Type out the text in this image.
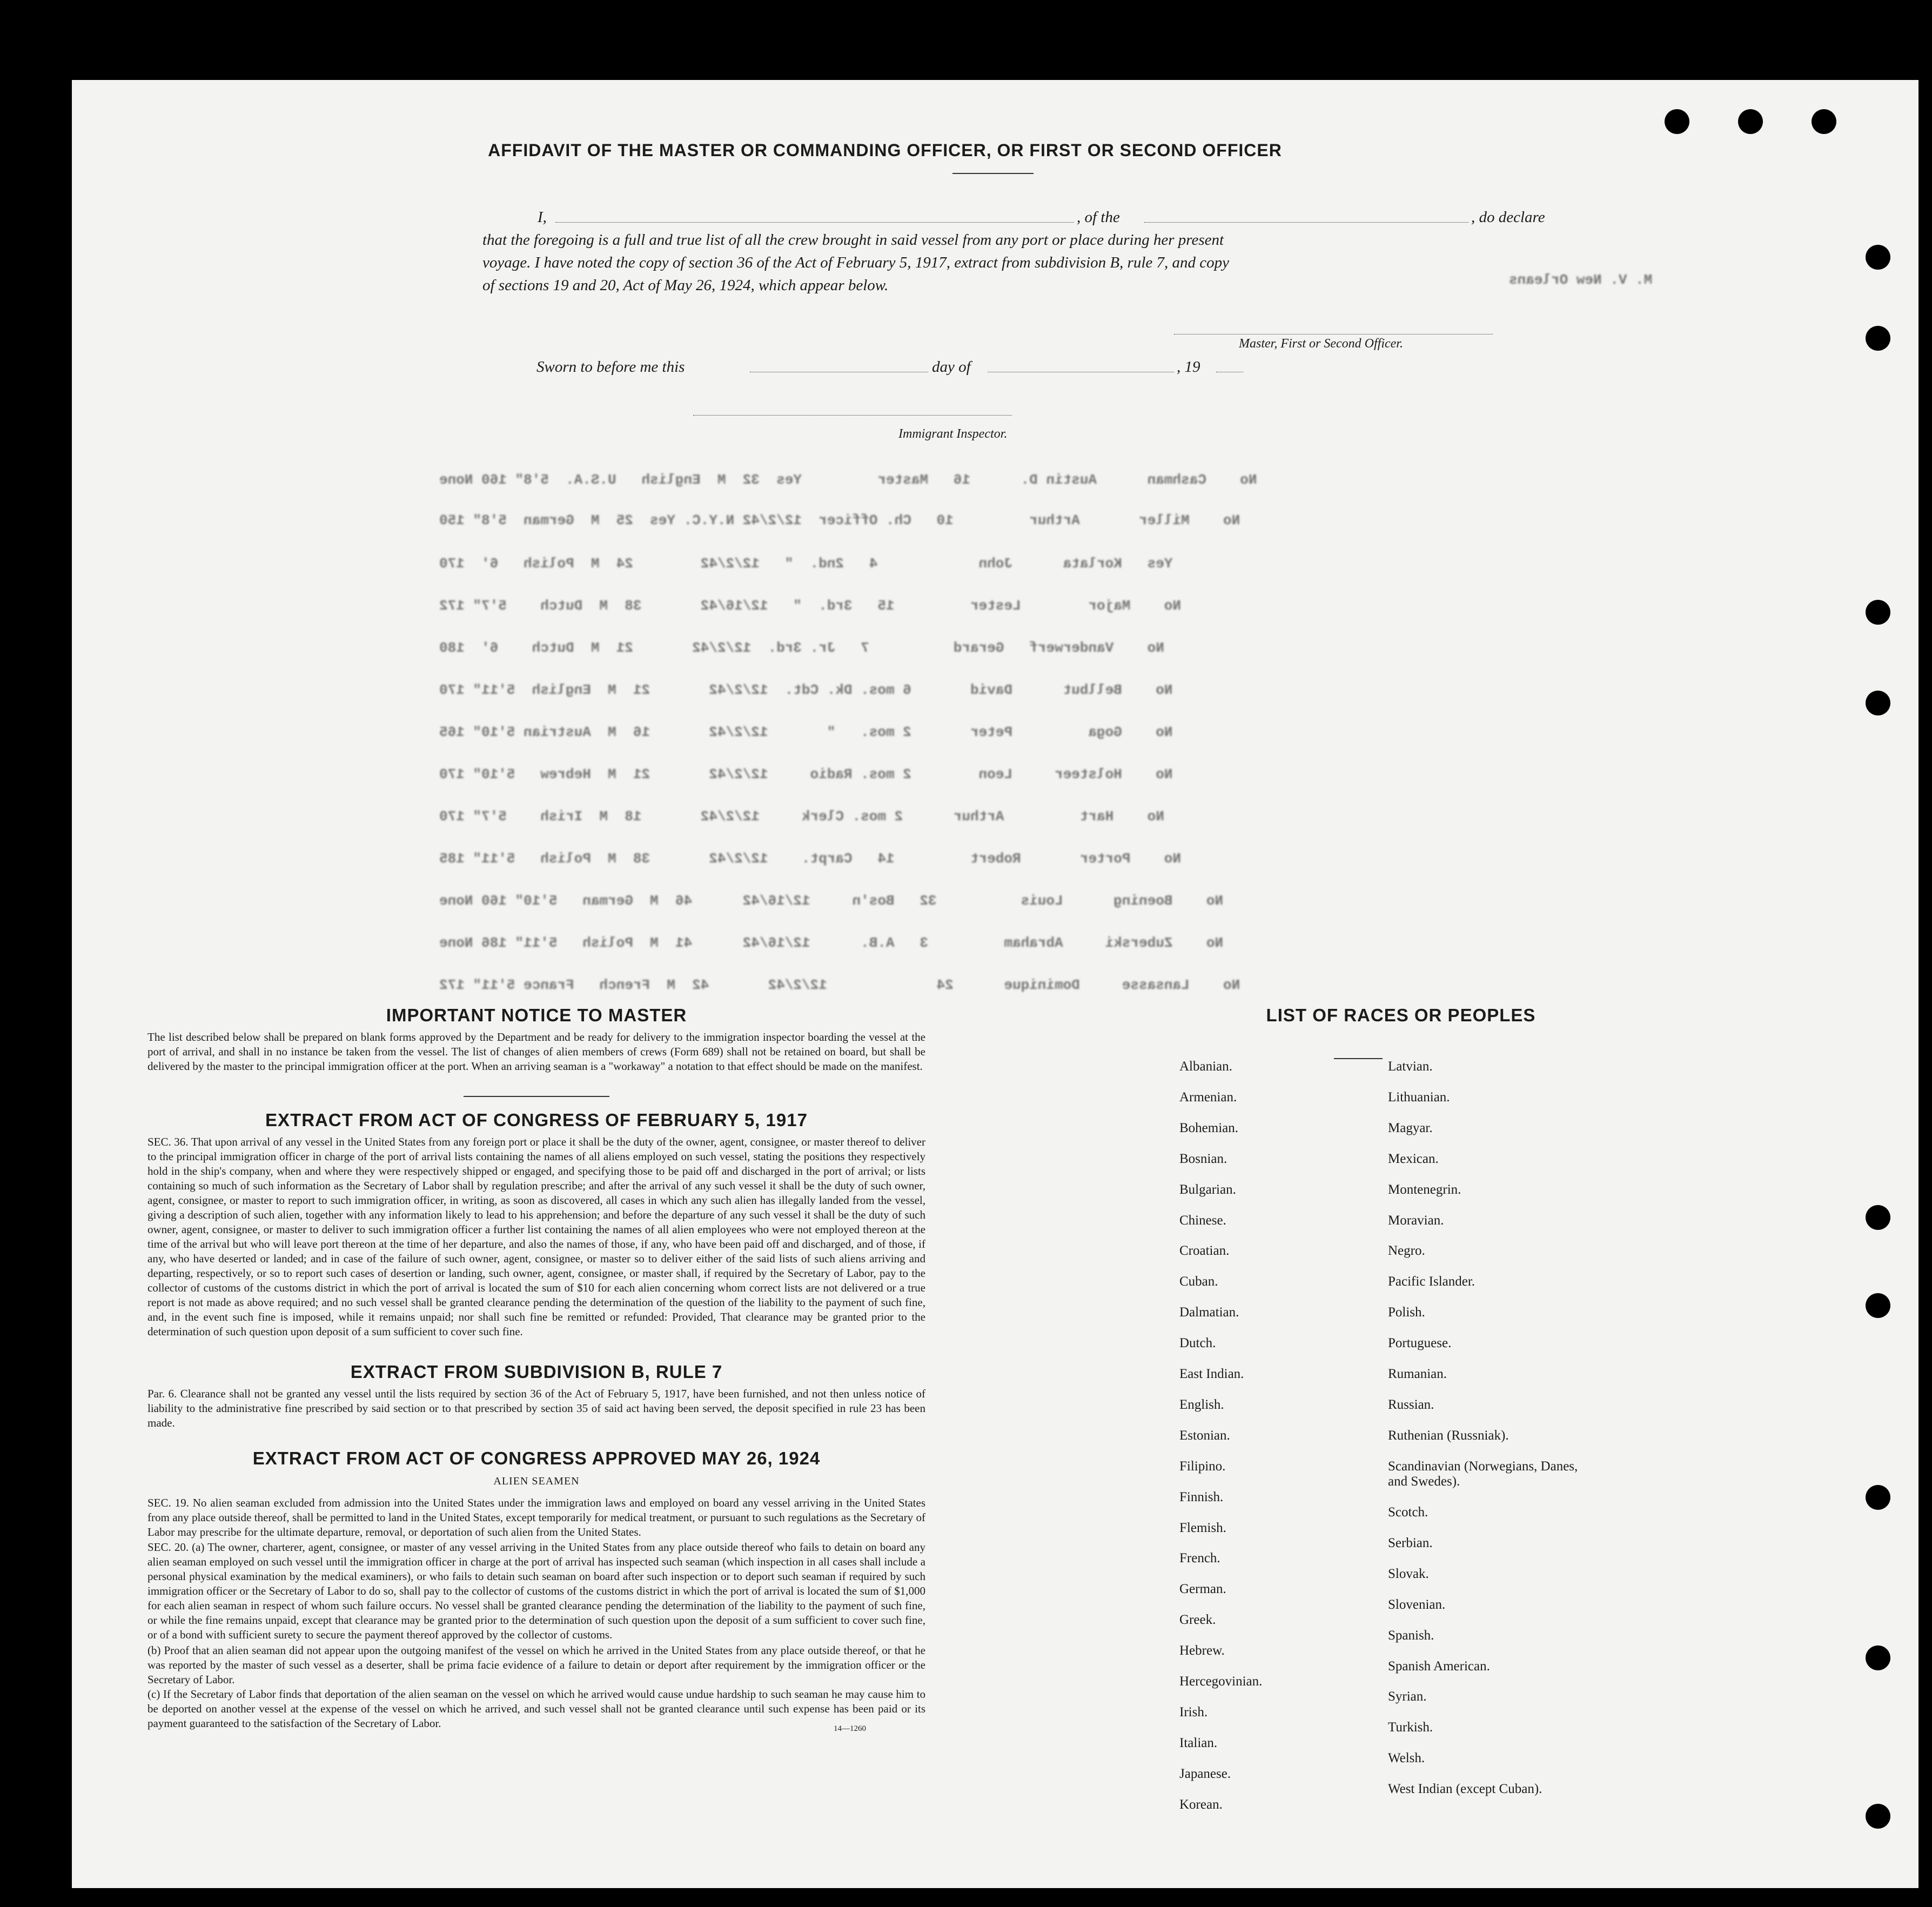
M. V. New Orleans
No    Cashman      Austin D.      16   Master         Yes  32  M  English   U.S.A.  5'8" 160 None
No    Miller       Arthur         10   Ch. Officer  12/2/42 N.Y.C. Yes  25  M  German  5'8" 150
Yes   Korlata      John            4   2nd.  "   12/2/42        24  M  Polish   6'  170
No    Major        Lester         15   3rd.  "   12/16/42       38  M  Dutch    5'7" 172
No    Vanderwerf   Gerard          7   Jr. 3rd.  12/2/42       21  M  Dutch    6'  180
No    Bellbut      David       6 mos. Dk. Cdt.  12/2/42       21  M  English  5'11" 170
No    Goga         Peter       2 mos.   "       12/2/42       16  M  Austrian 5'10" 165
No    Holsteer     Leon        2 mos. Radio     12/2/42       21  M  Hebrew   5'10" 170
No    Hart         Arthur      2 mos. Clerk     12/2/42       18  M  Irish    5'7" 170
No    Porter       Robert         14   Carpt.    12/2/42       38  M  Polish   5'11" 185
No    Boening      Louis          32   Bos'n     12/16/42      46  M  German   5'10" 160 None
No    Zuberski     Abraham         3   A.B.      12/16/42      41  M  Polish   5'11" 186 None
No    Lansasse     Dominique      24             12/2/42       42  M  French   France 5'11" 172
AFFIDAVIT OF THE MASTER OR COMMANDING OFFICER, OR FIRST OR SECOND OFFICER
I,	, of the	, do declare
that the foregoing is a full and true list of all the crew brought in said vessel from any port or place during her present
voyage. I have noted the copy of section 36 of the Act of February 5, 1917, extract from subdivision B, rule 7, and copy
of sections 19 and 20, Act of May 26, 1924, which appear below.
Master, First or Second Officer.
Sworn to before me this	day of	, 19
Immigrant Inspector.
IMPORTANT NOTICE TO MASTER
The list described below shall be prepared on blank forms approved by the Department and be ready for delivery to the immigration inspector boarding the vessel at the port of arrival, and shall in no instance be taken from the vessel. The list of changes of alien members of crews (Form 689) shall not be retained on board, but shall be delivered by the master to the principal immigration officer at the port. When an arriving seaman is a "workaway" a notation to that effect should be made on the manifest.
EXTRACT FROM ACT OF CONGRESS OF FEBRUARY 5, 1917
SEC. 36. That upon arrival of any vessel in the United States from any foreign port or place it shall be the duty of the owner, agent, consignee, or master thereof to deliver to the principal immigration officer in charge of the port of arrival lists containing the names of all aliens employed on such vessel, stating the positions they respectively hold in the ship's company, when and where they were respectively shipped or engaged, and specifying those to be paid off and discharged in the port of arrival; or lists containing so much of such information as the Secretary of Labor shall by regulation prescribe; and after the arrival of any such vessel it shall be the duty of such owner, agent, consignee, or master to report to such immigration officer, in writing, as soon as discovered, all cases in which any such alien has illegally landed from the vessel, giving a description of such alien, together with any information likely to lead to his apprehension; and before the departure of any such vessel it shall be the duty of such owner, agent, consignee, or master to deliver to such immigration officer a further list containing the names of all alien employees who were not employed thereon at the time of the arrival but who will leave port thereon at the time of her departure, and also the names of those, if any, who have been paid off and discharged, and of those, if any, who have deserted or landed; and in case of the failure of such owner, agent, consignee, or master so to deliver either of the said lists of such aliens arriving and departing, respectively, or so to report such cases of desertion or landing, such owner, agent, consignee, or master shall, if required by the Secretary of Labor, pay to the collector of customs of the customs district in which the port of arrival is located the sum of $10 for each alien concerning whom correct lists are not delivered or a true report is not made as above required; and no such vessel shall be granted clearance pending the determination of the question of the liability to the payment of such fine, and, in the event such fine is imposed, while it remains unpaid; nor shall such fine be remitted or refunded: Provided, That clearance may be granted prior to the determination of such question upon deposit of a sum sufficient to cover such fine.
EXTRACT FROM SUBDIVISION B, RULE 7
Par. 6. Clearance shall not be granted any vessel until the lists required by section 36 of the Act of February 5, 1917, have been furnished, and not then unless notice of liability to the administrative fine prescribed by said section or to that prescribed by section 35 of said act having been served, the deposit specified in rule 23 has been made.
EXTRACT FROM ACT OF CONGRESS APPROVED MAY 26, 1924
ALIEN SEAMEN
SEC. 19. No alien seaman excluded from admission into the United States under the immigration laws and employed on board any vessel arriving in the United States from any place outside thereof, shall be permitted to land in the United States, except temporarily for medical treatment, or pursuant to such regulations as the Secretary of Labor may prescribe for the ultimate departure, removal, or deportation of such alien from the United States.
SEC. 20. (a) The owner, charterer, agent, consignee, or master of any vessel arriving in the United States from any place outside thereof who fails to detain on board any alien seaman employed on such vessel until the immigration officer in charge at the port of arrival has inspected such seaman (which inspection in all cases shall include a personal physical examination by the medical examiners), or who fails to detain such seaman on board after such inspection or to deport such seaman if required by such immigration officer or the Secretary of Labor to do so, shall pay to the collector of customs of the customs district in which the port of arrival is located the sum of $1,000 for each alien seaman in respect of whom such failure occurs. No vessel shall be granted clearance pending the determination of the liability to the payment of such fine, or while the fine remains unpaid, except that clearance may be granted prior to the determination of such question upon the deposit of a sum sufficient to cover such fine, or of a bond with sufficient surety to secure the payment thereof approved by the collector of customs.
(b) Proof that an alien seaman did not appear upon the outgoing manifest of the vessel on which he arrived in the United States from any place outside thereof, or that he was reported by the master of such vessel as a deserter, shall be prima facie evidence of a failure to detain or deport after requirement by the immigration officer or the Secretary of Labor.
(c) If the Secretary of Labor finds that deportation of the alien seaman on the vessel on which he arrived would cause undue hardship to such seaman he may cause him to be deported on another vessel at the expense of the vessel on which he arrived, and such vessel shall not be granted clearance until such expense has been paid or its payment guaranteed to the satisfaction of the Secretary of Labor.	14—1260
LIST OF RACES OR PEOPLES
Albanian.
Armenian.
Bohemian.
Bosnian.
Bulgarian.
Chinese.
Croatian.
Cuban.
Dalmatian.
Dutch.
East Indian.
English.
Estonian.
Filipino.
Finnish.
Flemish.
French.
German.
Greek.
Hebrew.
Hercegovinian.
Irish.
Italian.
Japanese.
Korean.
Latvian.
Lithuanian.
Magyar.
Mexican.
Montenegrin.
Moravian.
Negro.
Pacific Islander.
Polish.
Portuguese.
Rumanian.
Russian.
Ruthenian (Russniak).
Scandinavian (Norwegians, Danes, and Swedes).
Scotch.
Serbian.
Slovak.
Slovenian.
Spanish.
Spanish American.
Syrian.
Turkish.
Welsh.
West Indian (except Cuban).
